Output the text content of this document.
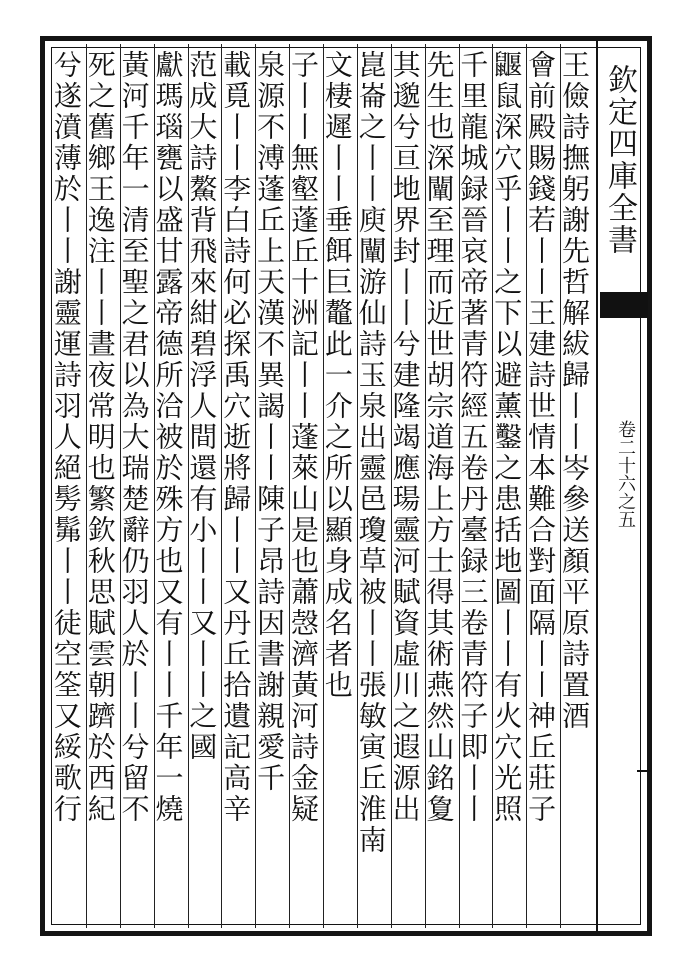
欽定四庫全書
卷二十六之五
王儉詩撫躬謝先哲解紱歸丨丨岑參送顏平原詩置酒
會前殿賜錢若丨丨王建詩世情本難合對面隔丨丨神丘莊子
鼴鼠深穴乎丨丨之下以避薰鑿之患括地圖丨丨有火穴光照
千里龍城録晉哀帝著青符經五卷丹臺録三卷青符子即丨丨
先生也深闡至理而近世胡宗道海上方士得其術燕然山銘夐
其邈兮亘地界封丨丨兮建隆竭應瑒靈河賦資虛川之遐源出
崑崙之丨丨庾闡游仙詩玉泉出靈邑瓊草被丨丨張敏寅丘淮南
文棲遲丨丨垂餌巨鼇此一介之所以顯身成名者也
子丨丨無壑蓬丘十洲記丨丨蓬萊山是也蕭愨濟黃河詩金疑
泉源不溥蓬丘上天漢不異謁丨丨陳子昂詩因書謝親愛千
載覓丨丨李白詩何必探禹穴逝將歸丨丨又丹丘拾遺記高辛
范成大詩鰲背飛來紺碧浮人間還有小丨丨又丨丨之國
獻瑪瑙甕以盛甘露帝德所洽被於殊方也又有丨丨千年一燒
黃河千年一清至聖之君以為大瑞楚辭仍羽人於丨丨兮留不
死之舊鄉王逸注丨丨晝夜常明也繁欽秋思賦雲朝躋於西紀
兮遂濆薄於丨丨謝靈運詩羽人絕髣髴丨丨徒空筌又綏歌行
